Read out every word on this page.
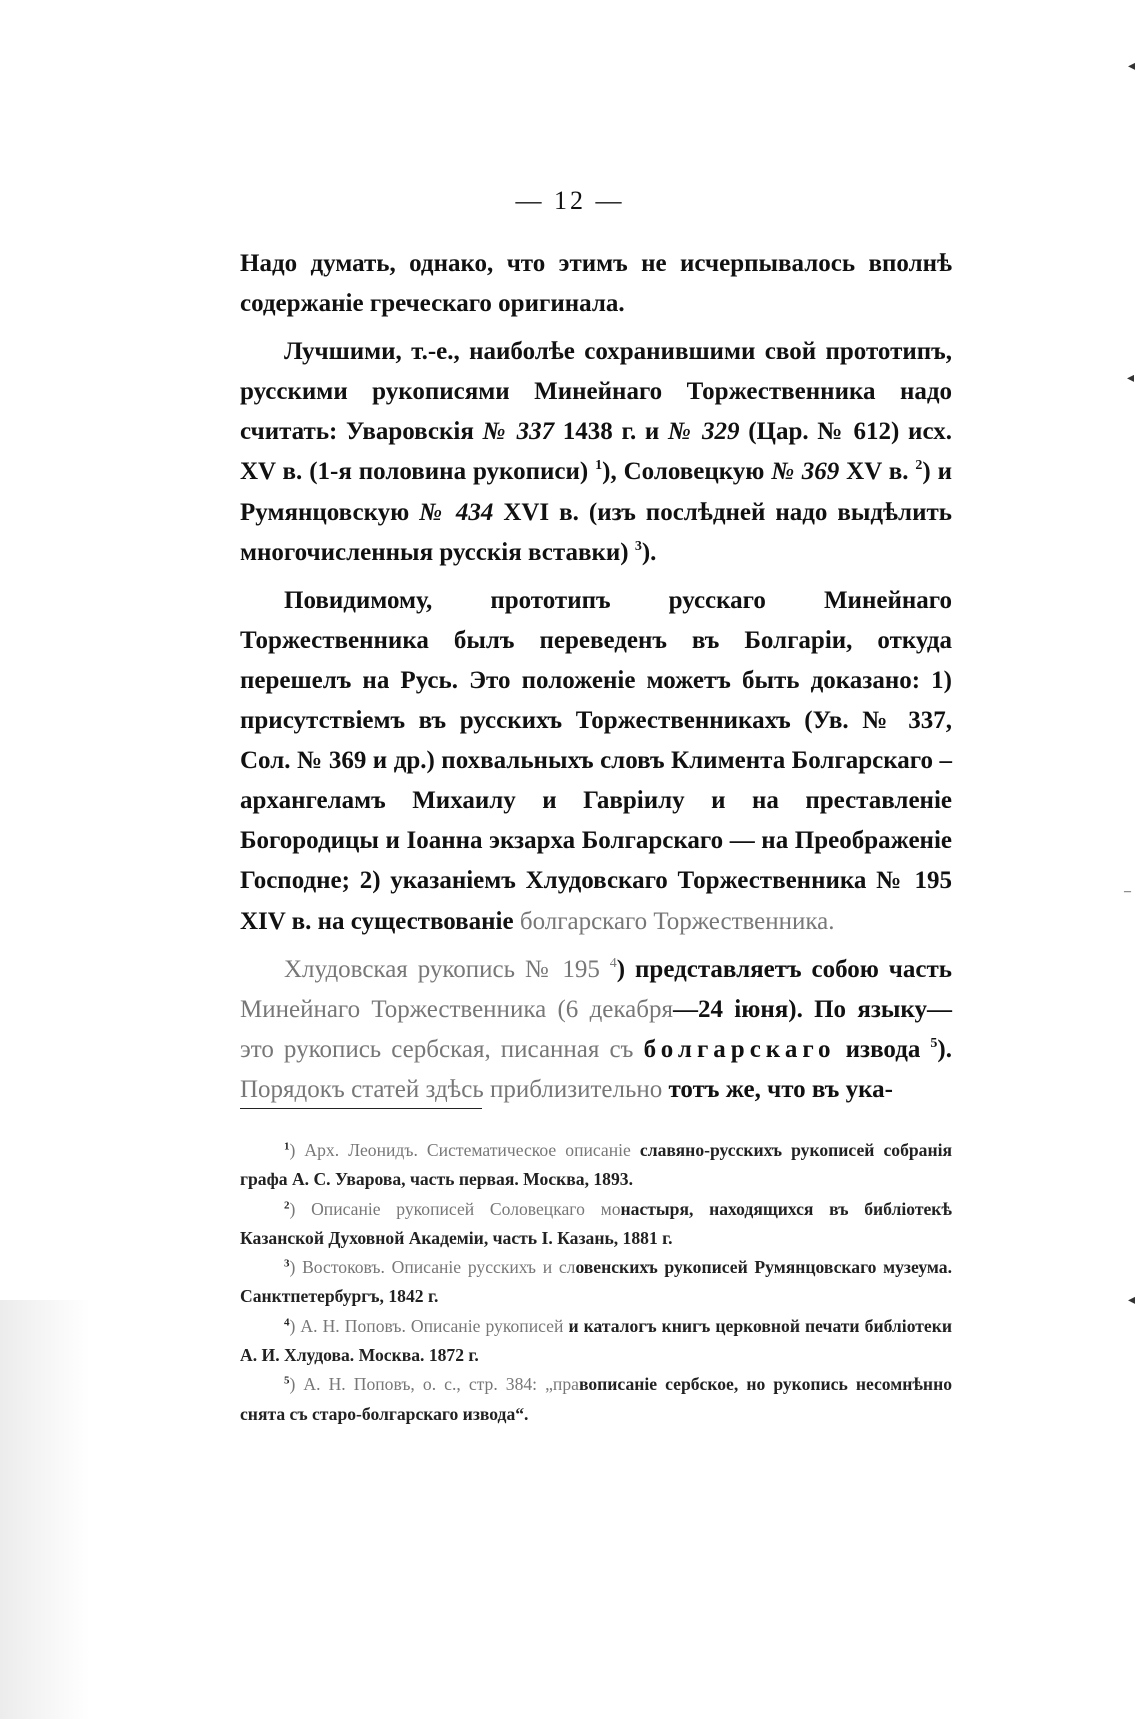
— 12 —

Надо думать, однако, что этимъ не исчерпывалось вполнѣ содержаніе греческаго оригинала.

Лучшими, т.-е., наиболѣе сохранившими свой прототипъ, русскими рукописями Минейнаго Торжественника надо считать: Уваровскія № 337 1438 г. и № 329 (Цар. № 612) исх. XV в. (1-я половина рукописи) $^1$), Соловецкую № 369 XV в. $^2$) и Румянцовскую № 434 XVI в. (изъ послѣдней надо выдѣлить многочисленныя русскія вставки) $^3$).

Повидимому, прототипъ русскаго Минейнаго Торжественника былъ переведенъ въ Болгаріи, откуда перешелъ на Русь. Это положеніе можетъ быть доказано: 1) присутствіемъ въ русскихъ Торжественникахъ (Ув. № 337, Сол. № 369 и др.) похвальныхъ словъ Климента Болгарскаго – архангеламъ Михаилу и Гавріилу и на преставленіе Богородицы и Іоанна экзарха Болгарскаго — на Преображеніе Господне; 2) указаніемъ Хлудовскаго Торжественника № 195 XIV в. на существованіе болгарскаго Торжественника.

Хлудовская рукопись № 195 $^4$) представляетъ собою часть Минейнаго Торжественника (6 декабря—24 іюня). По языку— это рукопись сербская, писанная съ болгарскаго извода $^5$). Порядокъ статей здѣсь приблизительно тотъ же, что въ ука-

$^1$) Арх. Леонидъ. Систематическое описаніе славяно-русскихъ рукописей собранія графа А. С. Уварова, часть первая. Москва, 1893.

$^2$) Описаніе рукописей Соловецкаго монастыря, находящихся въ библіотекѣ Казанской Духовной Академіи, часть I. Казань, 1881 г.

$^3$) Востоковъ. Описаніе русскихъ и словенскихъ рукописей Румянцовскаго музеума. Санктпетербургъ, 1842 г.

$^4$) А. Н. Поповъ. Описаніе рукописей и каталогъ книгъ церковной печати библіотеки А. И. Хлудова. Москва. 1872 г.

$^5$) А. Н. Поповъ, о. с., стр. 384: „правописаніе сербское, но рукопись несомнѣнно снята съ старо-болгарскаго извода“.

◂
◂
‒
◂
